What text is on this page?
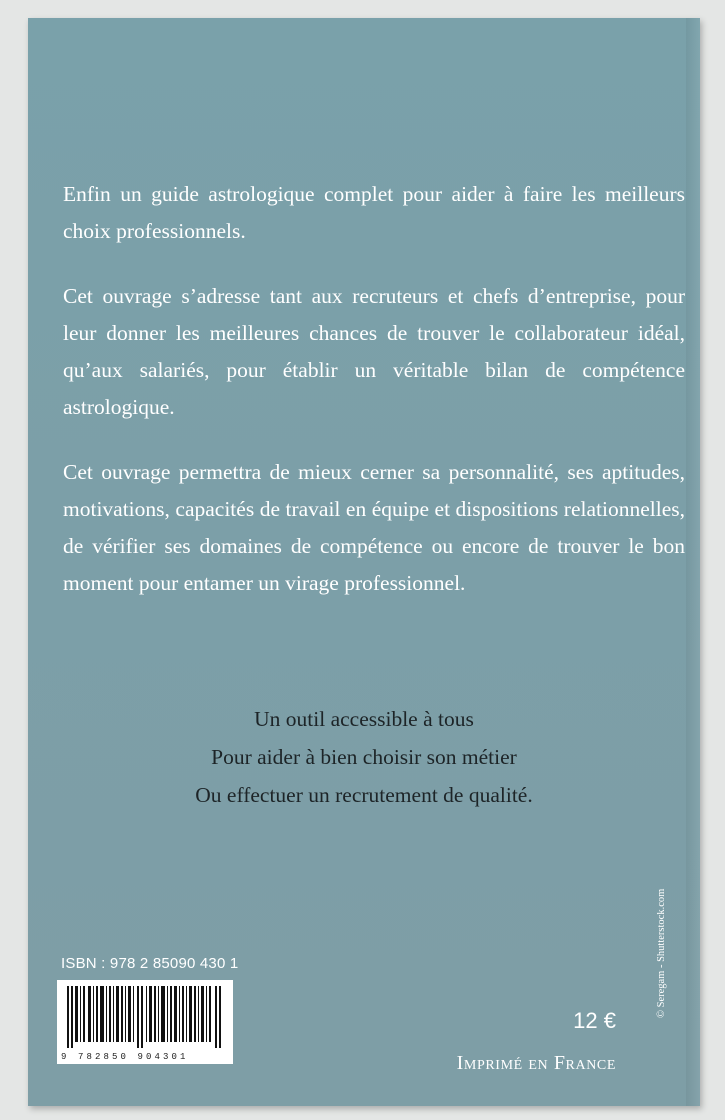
Enfin un guide astrologique complet pour aider à faire les meilleurs choix professionnels.

Cet ouvrage s’adresse tant aux recruteurs et chefs d’entreprise, pour leur donner les meilleures chances de trouver le collaborateur idéal, qu’aux salariés, pour établir un véritable bilan de compétence astrologique.

Cet ouvrage permettra de mieux cerner sa personnalité, ses aptitudes, motivations, capacités de travail en équipe et dispositions relationnelles, de vérifier ses domaines de compétence ou encore de trouver le bon moment pour entamer un virage professionnel.

Un outil accessible à tous
Pour aider à bien choisir son métier
Ou effectuer un recrutement de qualité.
ISBN : 978 2 85090 430 1
9 782850 904301
12 €
Imprimé en France
© Seregam - Shutterstock.com
